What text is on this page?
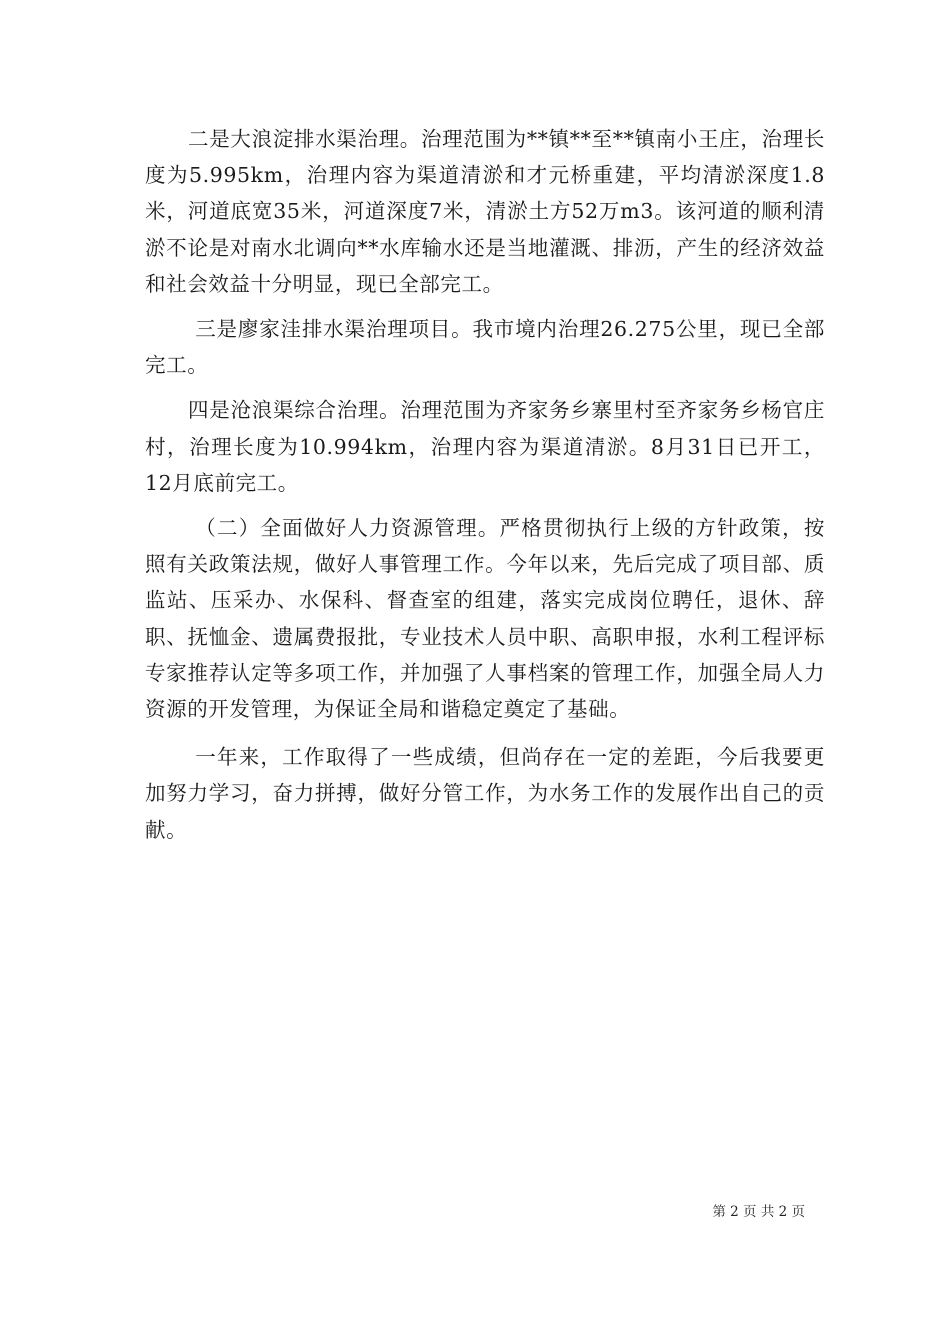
二是大浪淀排水渠治理。治理范围为**镇**至**镇南小王庄，治理长度为5.995km，治理内容为渠道清淤和才元桥重建，平均清淤深度1.8米，河道底宽35米，河道深度7米，清淤土方52万m3。该河道的顺利清淤不论是对南水北调向**水库输水还是当地灌溉、排沥，产生的经济效益和社会效益十分明显，现已全部完工。

三是廖家洼排水渠治理项目。我市境内治理26.275公里，现已全部完工。

四是沧浪渠综合治理。治理范围为齐家务乡寨里村至齐家务乡杨官庄村，治理长度为10.994km，治理内容为渠道清淤。8月31日已开工，12月底前完工。

（二）全面做好人力资源管理。严格贯彻执行上级的方针政策，按照有关政策法规，做好人事管理工作。今年以来，先后完成了项目部、质监站、压采办、水保科、督查室的组建，落实完成岗位聘任，退休、辞职、抚恤金、遗属费报批，专业技术人员中职、高职申报，水利工程评标专家推荐认定等多项工作，并加强了人事档案的管理工作，加强全局人力资源的开发管理，为保证全局和谐稳定奠定了基础。

一年来，工作取得了一些成绩，但尚存在一定的差距，今后我要更加努力学习，奋力拼搏，做好分管工作，为水务工作的发展作出自己的贡献。

第 2 页 共 2 页
